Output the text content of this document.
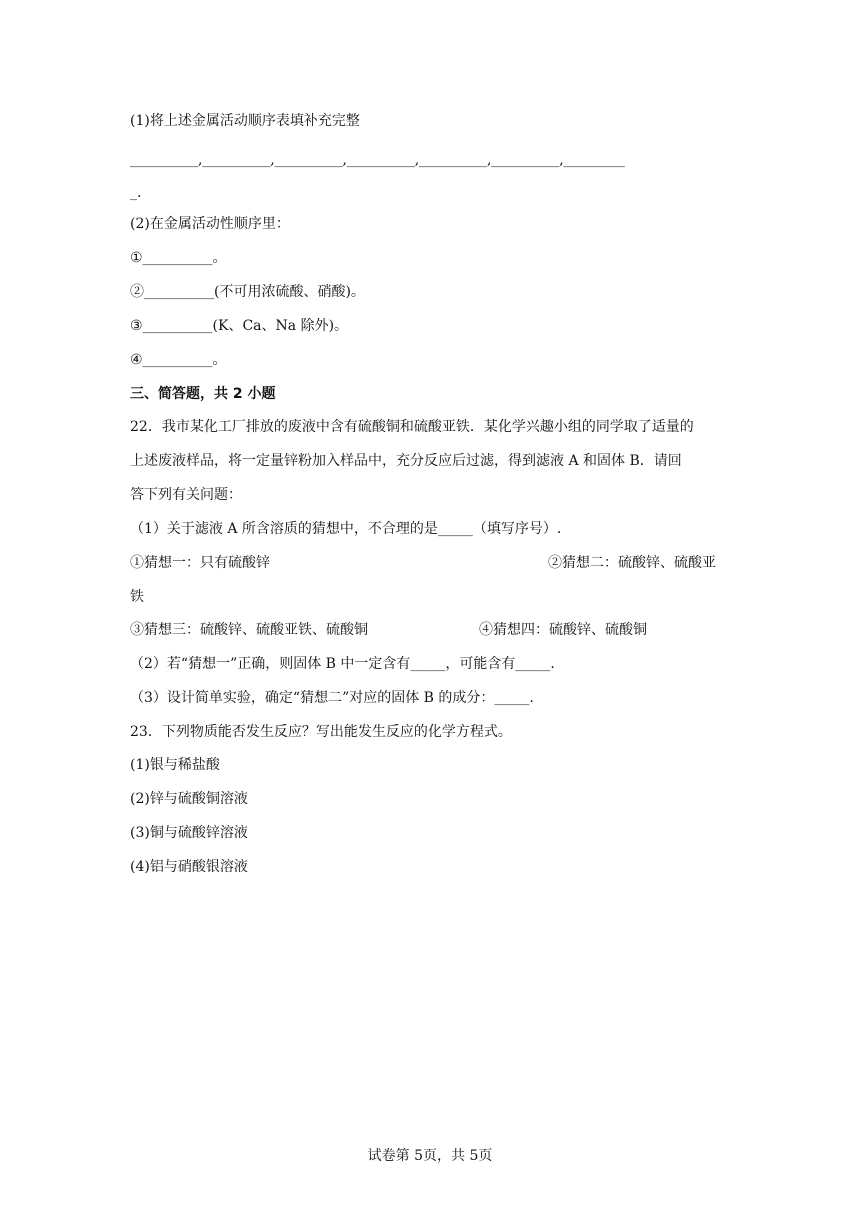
(1)将上述金属活动顺序表填补充完整
__________,__________,__________,__________,__________,__________,_________
_.
(2)在金属活动性顺序里：
①__________。
②__________(不可用浓硫酸、硝酸)。
③__________(K、Ca、Na 除外)。
④__________。
三、简答题，共 2 小题
22．我市某化工厂排放的废液中含有硫酸铜和硫酸亚铁．某化学兴趣小组的同学取了适量的
上述废液样品，将一定量锌粉加入样品中，充分反应后过滤，得到滤液 A 和固体 B．请回
答下列有关问题：
（1）关于滤液 A 所含溶质的猜想中，不合理的是_____（填写序号）.
①猜想一：只有硫酸锌	②猜想二：硫酸锌、硫酸亚
铁
③猜想三：硫酸锌、硫酸亚铁、硫酸铜	④猜想四：硫酸锌、硫酸铜
（2）若“猜想一”正确，则固体 B 中一定含有_____，可能含有_____.
（3）设计简单实验，确定“猜想二”对应的固体 B 的成分：_____.
23．下列物质能否发生反应？写出能发生反应的化学方程式。
(1)银与稀盐酸
(2)锌与硫酸铜溶液
(3)铜与硫酸锌溶液
(4)铝与硝酸银溶液
试卷第 5页，共 5页
